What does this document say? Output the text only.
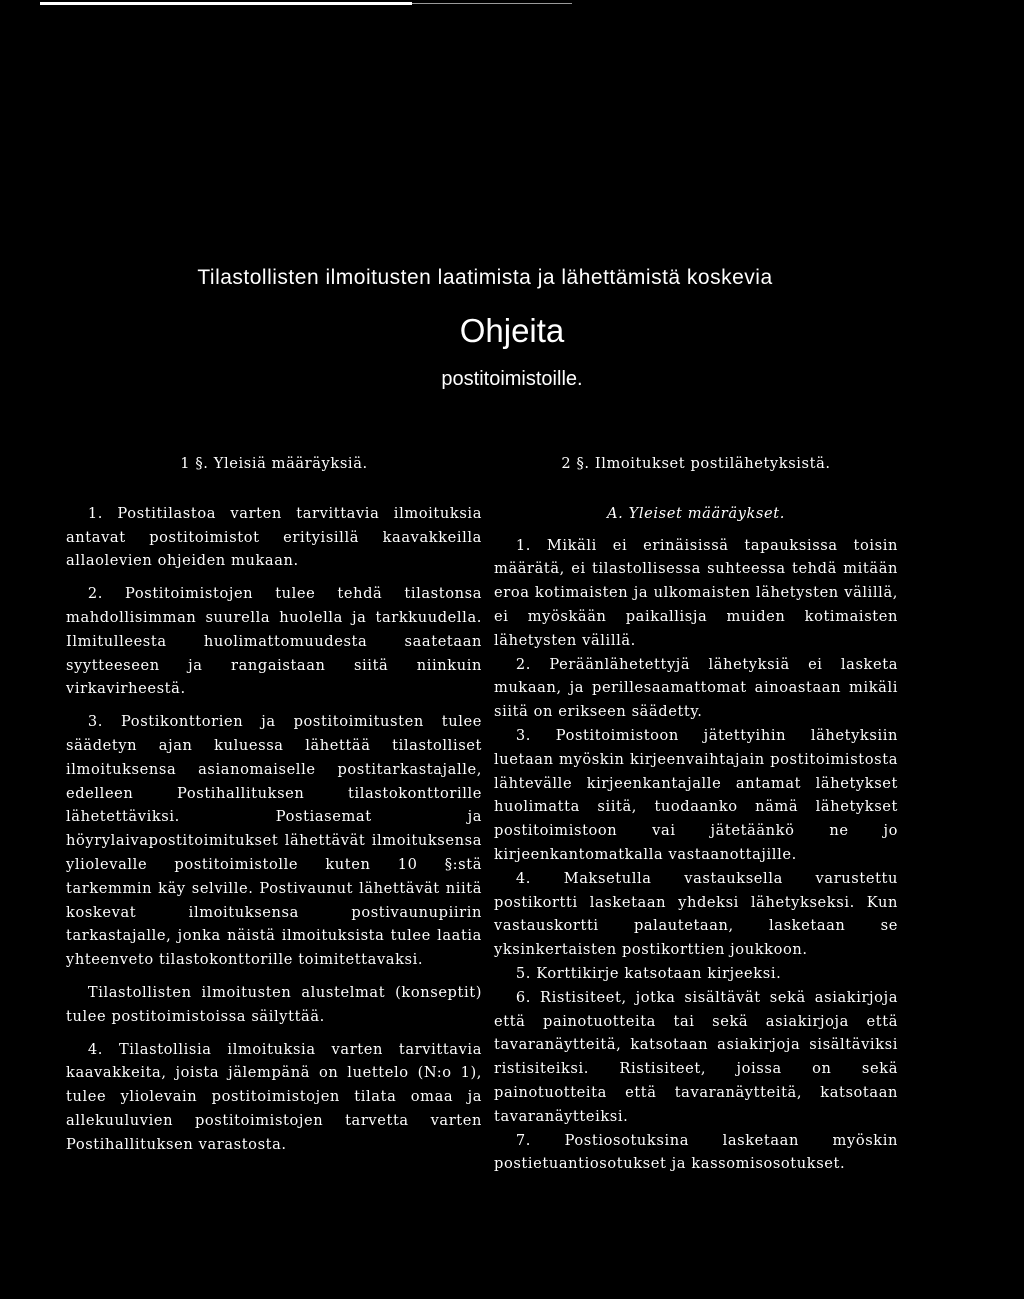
Tilastollisten ilmoitusten laatimista ja lähettämistä koskevia
Ohjeita
postitoimistoille.
1 §. Yleisiä määräyksiä.

1. Postitilastoa varten tarvittavia ilmoituksia antavat postitoimistot erityisillä kaavakkeilla allaolevien ohjeiden mukaan.

2. Postitoimistojen tulee tehdä tilastonsa mahdollisimman suurella huolella ja tarkkuudella. Ilmitulleesta huolimattomuudesta saatetaan syytteeseen ja rangaistaan siitä niinkuin virkavirheestä.

3. Postikonttorien ja postitoimitusten tulee säädetyn ajan kuluessa lähettää tilastolliset ilmoituksensa asianomaiselle postitarkastajalle, edelleen Postihallituksen tilastokonttorille lähetettäviksi. Postiasemat ja höyrylaivapostitoimitukset lähettävät ilmoituksensa yliolevalle postitoimistolle kuten 10 §:stä tarkemmin käy selville. Postivaunut lähettävät niitä koskevat ilmoituksensa postivaunupiirin tarkastajalle, jonka näistä ilmoituksista tulee laatia yhteenveto tilastokonttorille toimitettavaksi.

Tilastollisten ilmoitusten alustelmat (konseptit) tulee postitoimistoissa säilyttää.

4. Tilastollisia ilmoituksia varten tarvittavia kaavakkeita, joista jälempänä on luettelo (N:o 1), tulee yliolevain postitoimistojen tilata omaa ja allekuuluvien postitoimistojen tarvetta varten Postihallituksen varastosta.

2 §. Ilmoitukset postilähetyksistä.
A. Yleiset määräykset.

1. Mikäli ei erinäisissä tapauksissa toisin määrätä, ei tilastollisessa suhteessa tehdä mitään eroa kotimaisten ja ulkomaisten lähetysten välillä, ei myöskään paikallisja muiden kotimaisten lähetysten välillä.

2. Peräänlähetettyjä lähetyksiä ei lasketa mukaan, ja perillesaamattomat ainoastaan mikäli siitä on erikseen säädetty.

3. Postitoimistoon jätettyihin lähetyksiin luetaan myöskin kirjeenvaihtajain postitoimistosta lähtevälle kirjeenkantajalle antamat lähetykset huolimatta siitä, tuodaanko nämä lähetykset postitoimistoon vai jätetäänkö ne jo kirjeenkantomatkalla vastaanottajille.

4. Maksetulla vastauksella varustettu postikortti lasketaan yhdeksi lähetykseksi. Kun vastauskortti palautetaan, lasketaan se yksinkertaisten postikorttien joukkoon.

5. Korttikirje katsotaan kirjeeksi.

6. Ristisiteet, jotka sisältävät sekä asiakirjoja että painotuotteita tai sekä asiakirjoja että tavaranäytteitä, katsotaan asiakirjoja sisältäviksi ristisiteiksi. Ristisiteet, joissa on sekä painotuotteita että tavaranäytteitä, katsotaan tavaranäytteiksi.

7. Postiosotuksina lasketaan myöskin postietuantiosotukset ja kassomisosotukset.
